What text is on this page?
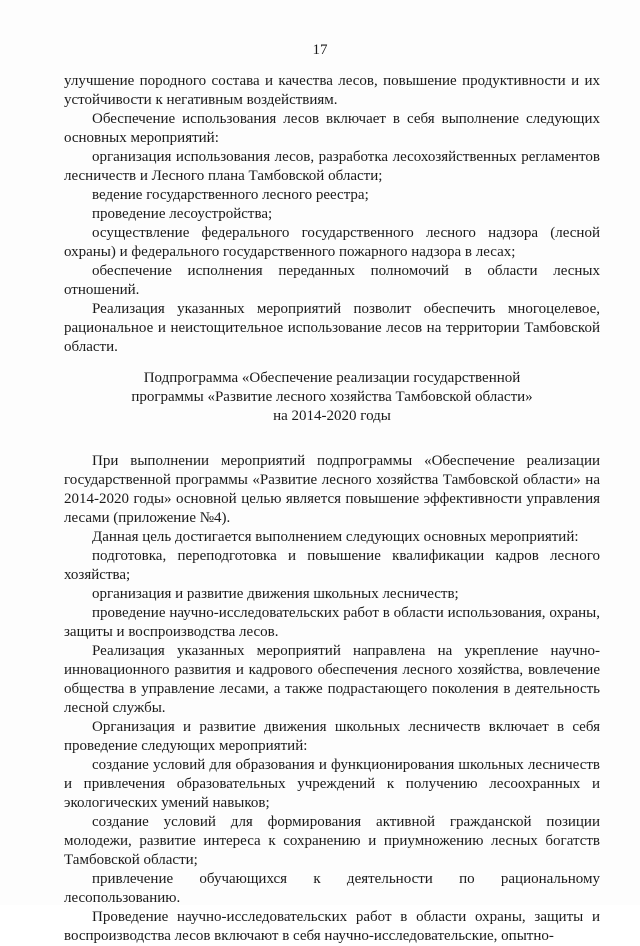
17

улучшение породного состава и качества лесов, повышение продуктивности и их устойчивости к негативным воздействиям.

Обеспечение использования лесов включает в себя выполнение следующих основных мероприятий:

организация использования лесов, разработка лесохозяйственных регламентов лесничеств и Лесного плана Тамбовской области;

ведение государственного лесного реестра;

проведение лесоустройства;

осуществление федерального государственного лесного надзора (лесной охраны) и федерального государственного пожарного надзора в лесах;

обеспечение исполнения переданных полномочий в области лесных отношений.

Реализация указанных мероприятий позволит обеспечить многоцелевое, рациональное и неистощительное использование лесов на территории Тамбовской области.

Подпрограмма «Обеспечение реализации государственной
программы «Развитие лесного хозяйства Тамбовской области»
на 2014-2020 годы

При выполнении мероприятий подпрограммы «Обеспечение реализации государственной программы «Развитие лесного хозяйства Тамбовской области» на 2014-2020 годы» основной целью является повышение эффективности управления лесами (приложение №4).

Данная цель достигается выполнением следующих основных мероприятий:

подготовка, переподготовка и повышение квалификации кадров лесного хозяйства;

организация и развитие движения школьных лесничеств;

проведение научно-исследовательских работ в области использования, охраны, защиты и воспроизводства лесов.

Реализация указанных мероприятий направлена на укрепление научно-инновационного развития и кадрового обеспечения лесного хозяйства, вовлечение общества в управление лесами, а также подрастающего поколения в деятельность лесной службы.

Организация и развитие движения школьных лесничеств включает в себя проведение следующих мероприятий:

создание условий для образования и функционирования школьных лесничеств и привлечения образовательных учреждений к получению лесоохранных и экологических умений навыков;

создание условий для формирования активной гражданской позиции молодежи, развитие интереса к сохранению и приумножению лесных богатств Тамбовской области;

привлечение обучающихся к деятельности по рациональному лесопользованию.

Проведение научно-исследовательских работ в области охраны, защиты и воспроизводства лесов включают в себя научно-исследовательские, опытно-
